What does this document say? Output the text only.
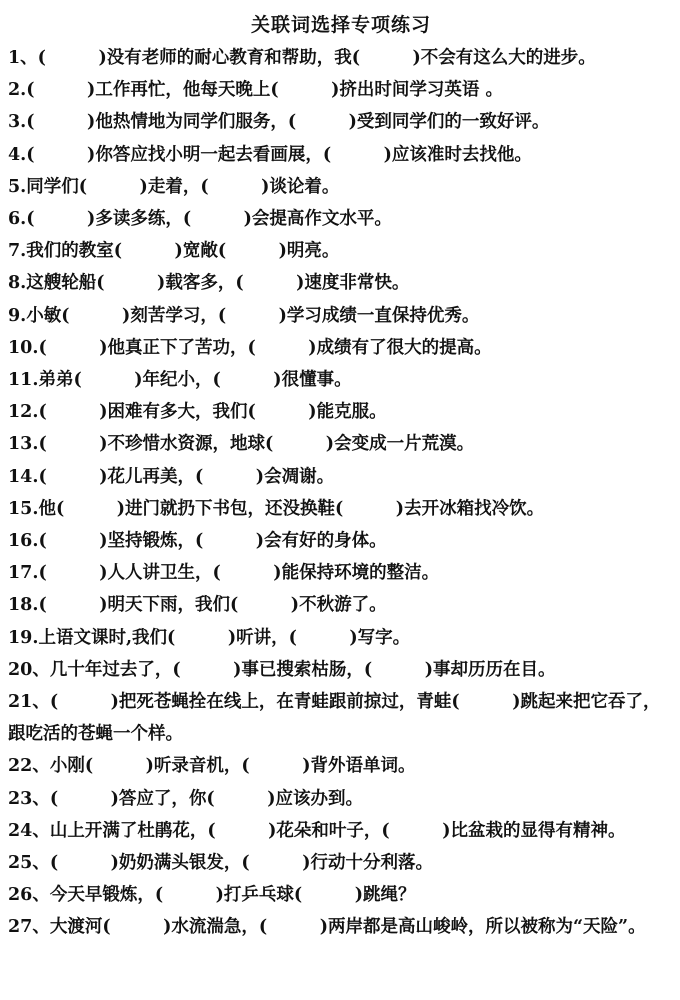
关联词选择专项练习

1、(　　　)没有老师的耐心教育和帮助，我(　　　)不会有这么大的进步。

2.(　　　)工作再忙，他每天晚上(　　　)挤出时间学习英语 。

3.(　　　)他热情地为同学们服务，(　　　)受到同学们的一致好评。

4.(　　　)你答应找小明一起去看画展，(　　　)应该准时去找他。

5.同学们(　　　)走着，(　　　)谈论着。

6.(　　　)多读多练，(　　　)会提高作文水平。

7.我们的教室(　　　)宽敞(　　　)明亮。

8.这艘轮船(　　　)载客多，(　　　)速度非常快。

9.小敏(　　　)刻苦学习，(　　　)学习成绩一直保持优秀。

10.(　　　)他真正下了苦功，(　　　)成绩有了很大的提高。

11.弟弟(　　　)年纪小，(　　　)很懂事。

12.(　　　)困难有多大，我们(　　　)能克服。

13.(　　　)不珍惜水资源，地球(　　　)会变成一片荒漠。

14.(　　　)花儿再美，(　　　)会凋谢。

15.他(　　　)进门就扔下书包，还没换鞋(　　　)去开冰箱找冷饮。

16.(　　　)坚持锻炼，(　　　)会有好的身体。

17.(　　　)人人讲卫生，(　　　)能保持环境的整洁。

18.(　　　)明天下雨，我们(　　　)不秋游了。

19.上语文课时,我们(　　　)听讲，(　　　)写字。

20、几十年过去了，(　　　)事已搜索枯肠，(　　　)事却历历在目。

21、(　　　)把死苍蝇拴在线上，在青蛙跟前掠过，青蛙(　　　)跳起来把它吞了，跟吃活的苍蝇一个样。

22、小刚(　　　)听录音机，(　　　)背外语单词。

23、(　　　)答应了，你(　　　)应该办到。

24、山上开满了杜鹃花，(　　　)花朵和叶子，(　　　)比盆栽的显得有精神。

25、(　　　)奶奶满头银发，(　　　)行动十分利落。

26、今天早锻炼，(　　　)打乒乓球(　　　)跳绳？

27、大渡河(　　　)水流湍急，(　　　)两岸都是高山峻岭，所以被称为“天险”。
